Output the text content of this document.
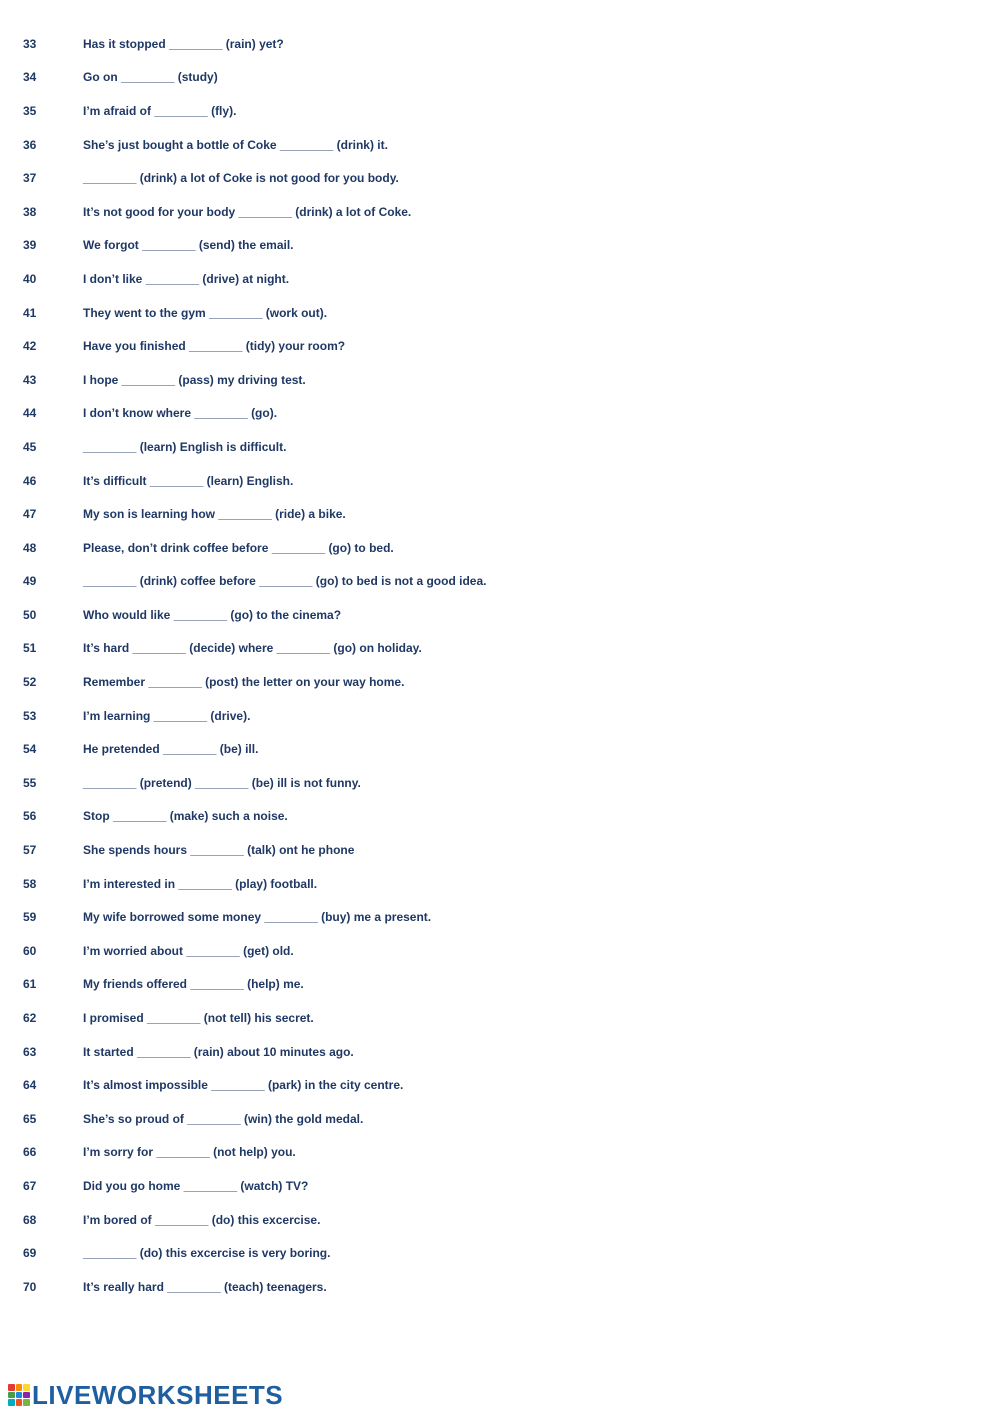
33	Has it stopped ________ (rain) yet?
34	Go on ________ (study)
35	I’m afraid of ________ (fly).
36	She’s just bought a bottle of Coke ________ (drink) it.
37	________ (drink) a lot of Coke is not good for you body.
38	It’s not good for your body ________ (drink) a lot of Coke.
39	We forgot ________ (send) the email.
40	I don’t like ________ (drive) at night.
41	They went to the gym ________ (work out).
42	Have you finished ________ (tidy) your room?
43	I hope ________ (pass) my driving test.
44	I don’t know where ________ (go).
45	________ (learn) English is difficult.
46	It’s difficult ________ (learn) English.
47	My son is learning how ________ (ride) a bike.
48	Please, don’t drink coffee before ________ (go) to bed.
49	________ (drink) coffee before ________ (go) to bed is not a good idea.
50	Who would like ________ (go) to the cinema?
51	It’s hard ________ (decide) where ________ (go) on holiday.
52	Remember ________ (post) the letter on your way home.
53	I’m learning ________ (drive).
54	He pretended ________ (be) ill.
55	________ (pretend) ________ (be) ill is not funny.
56	Stop ________ (make) such a noise.
57	She spends hours ________ (talk) ont he phone
58	I’m interested in ________ (play) football.
59	My wife borrowed some money ________ (buy) me a present.
60	I’m worried about ________ (get) old.
61	My friends offered ________ (help) me.
62	I promised ________ (not tell) his secret.
63	It started ________ (rain) about 10 minutes ago.
64	It’s almost impossible ________ (park) in the city centre.
65	She’s so proud of ________ (win) the gold medal.
66	I’m sorry for ________ (not help) you.
67	Did you go home ________ (watch) TV?
68	I’m bored of ________ (do) this excercise.
69	________ (do) this excercise is very boring.
70	It’s really hard ________ (teach) teenagers.
LIVEWORKSHEETS
